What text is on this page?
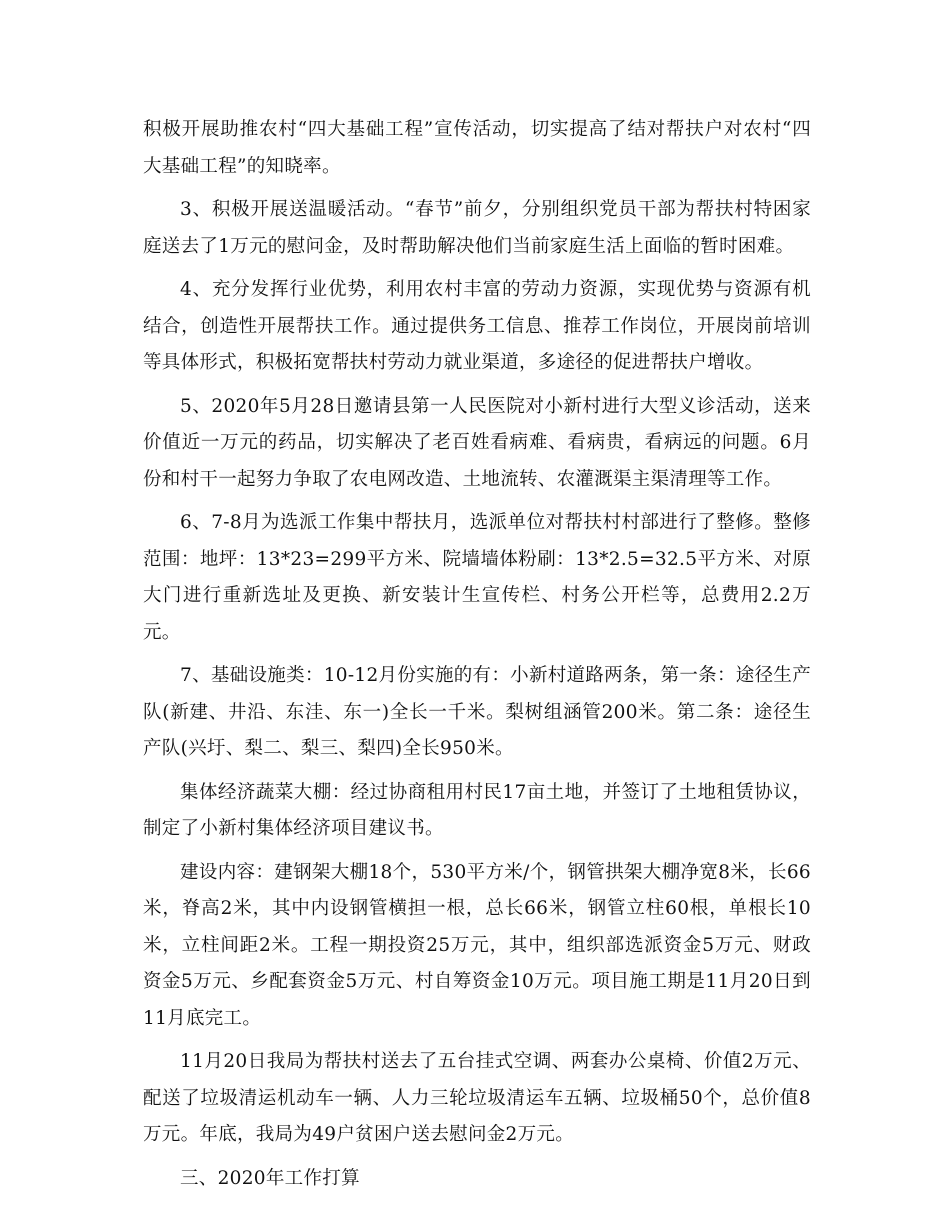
积极开展助推农村“四大基础工程”宣传活动，切实提高了结对帮扶户对农村“四大基础工程”的知晓率。

3、积极开展送温暖活动。“春节”前夕，分别组织党员干部为帮扶村特困家庭送去了1万元的慰问金，及时帮助解决他们当前家庭生活上面临的暂时困难。

4、充分发挥行业优势，利用农村丰富的劳动力资源，实现优势与资源有机结合，创造性开展帮扶工作。通过提供务工信息、推荐工作岗位，开展岗前培训等具体形式，积极拓宽帮扶村劳动力就业渠道，多途径的促进帮扶户增收。

5、2020年5月28日邀请县第一人民医院对小新村进行大型义诊活动，送来价值近一万元的药品，切实解决了老百姓看病难、看病贵，看病远的问题。6月份和村干一起努力争取了农电网改造、土地流转、农灌溉渠主渠清理等工作。

6、7-8月为选派工作集中帮扶月，选派单位对帮扶村村部进行了整修。整修范围：地坪：13*23=299平方米、院墙墙体粉刷：13*2.5=32.5平方米、对原大门进行重新选址及更换、新安装计生宣传栏、村务公开栏等，总费用2.2万元。

7、基础设施类：10-12月份实施的有：小新村道路两条，第一条：途径生产队(新建、井沿、东洼、东一)全长一千米。梨树组涵管200米。第二条：途径生产队(兴圩、梨二、梨三、梨四)全长950米。

集体经济蔬菜大棚：经过协商租用村民17亩土地，并签订了土地租赁协议，制定了小新村集体经济项目建议书。

建设内容：建钢架大棚18个，530平方米/个，钢管拱架大棚净宽8米，长66米，脊高2米，其中内设钢管横担一根，总长66米，钢管立柱60根，单根长10米，立柱间距2米。工程一期投资25万元，其中，组织部选派资金5万元、财政资金5万元、乡配套资金5万元、村自筹资金10万元。项目施工期是11月20日到11月底完工。

11月20日我局为帮扶村送去了五台挂式空调、两套办公桌椅、价值2万元、配送了垃圾清运机动车一辆、人力三轮垃圾清运车五辆、垃圾桶50个，总价值8万元。年底，我局为49户贫困户送去慰问金2万元。

三、2020年工作打算
